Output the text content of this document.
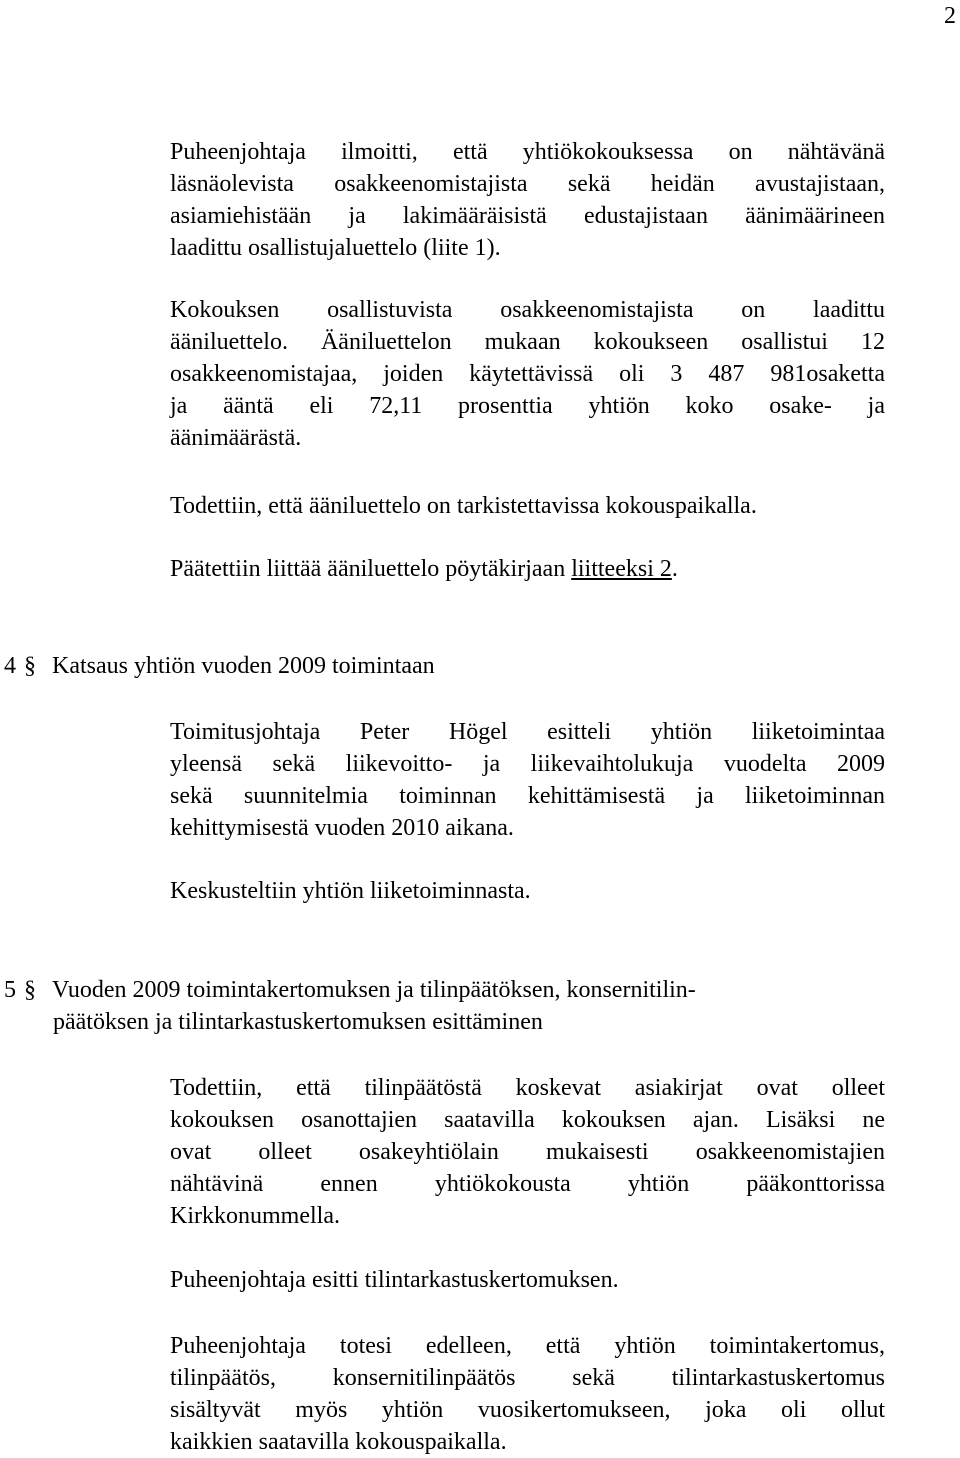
2
Puheenjohtaja ilmoitti, että yhtiökokouksessa on nähtävänä
läsnäolevista osakkeenomistajista sekä heidän avustajistaan,
asiamiehistään ja lakimääräisistä edustajistaan äänimäärineen
laadittu osallistujaluettelo (liite 1).
Kokouksen osallistuvista osakkeenomistajista on laadittu
ääniluettelo. Ääniluettelon mukaan kokoukseen osallistui 12
osakkeenomistajaa, joiden käytettävissä oli 3 487 981osaketta
ja ääntä eli 72,11 prosenttia yhtiön koko osake- ja
äänimäärästä.
Todettiin, että ääniluettelo on tarkistettavissa kokouspaikalla.
Päätettiin liittää ääniluettelo pöytäkirjaan liitteeksi 2.
4 § Katsaus yhtiön vuoden 2009 toimintaan
Toimitusjohtaja Peter Högel esitteli yhtiön liiketoimintaa
yleensä sekä liikevoitto- ja liikevaihtolukuja vuodelta 2009
sekä suunnitelmia toiminnan kehittämisestä ja liiketoiminnan
kehittymisestä vuoden 2010 aikana.
Keskusteltiin yhtiön liiketoiminnasta.
5 § Vuoden 2009 toimintakertomuksen ja tilinpäätöksen, konsernitilin-
päätöksen ja tilintarkastuskertomuksen esittäminen
Todettiin, että tilinpäätöstä koskevat asiakirjat ovat olleet
kokouksen osanottajien saatavilla kokouksen ajan. Lisäksi ne
ovat olleet osakeyhtiölain mukaisesti osakkeenomistajien
nähtävinä ennen yhtiökokousta yhtiön pääkonttorissa
Kirkkonummella.
Puheenjohtaja esitti tilintarkastuskertomuksen.
Puheenjohtaja totesi edelleen, että yhtiön toimintakertomus,
tilinpäätös, konsernitilinpäätös sekä tilintarkastuskertomus
sisältyvät myös yhtiön vuosikertomukseen, joka oli ollut
kaikkien saatavilla kokouspaikalla.
